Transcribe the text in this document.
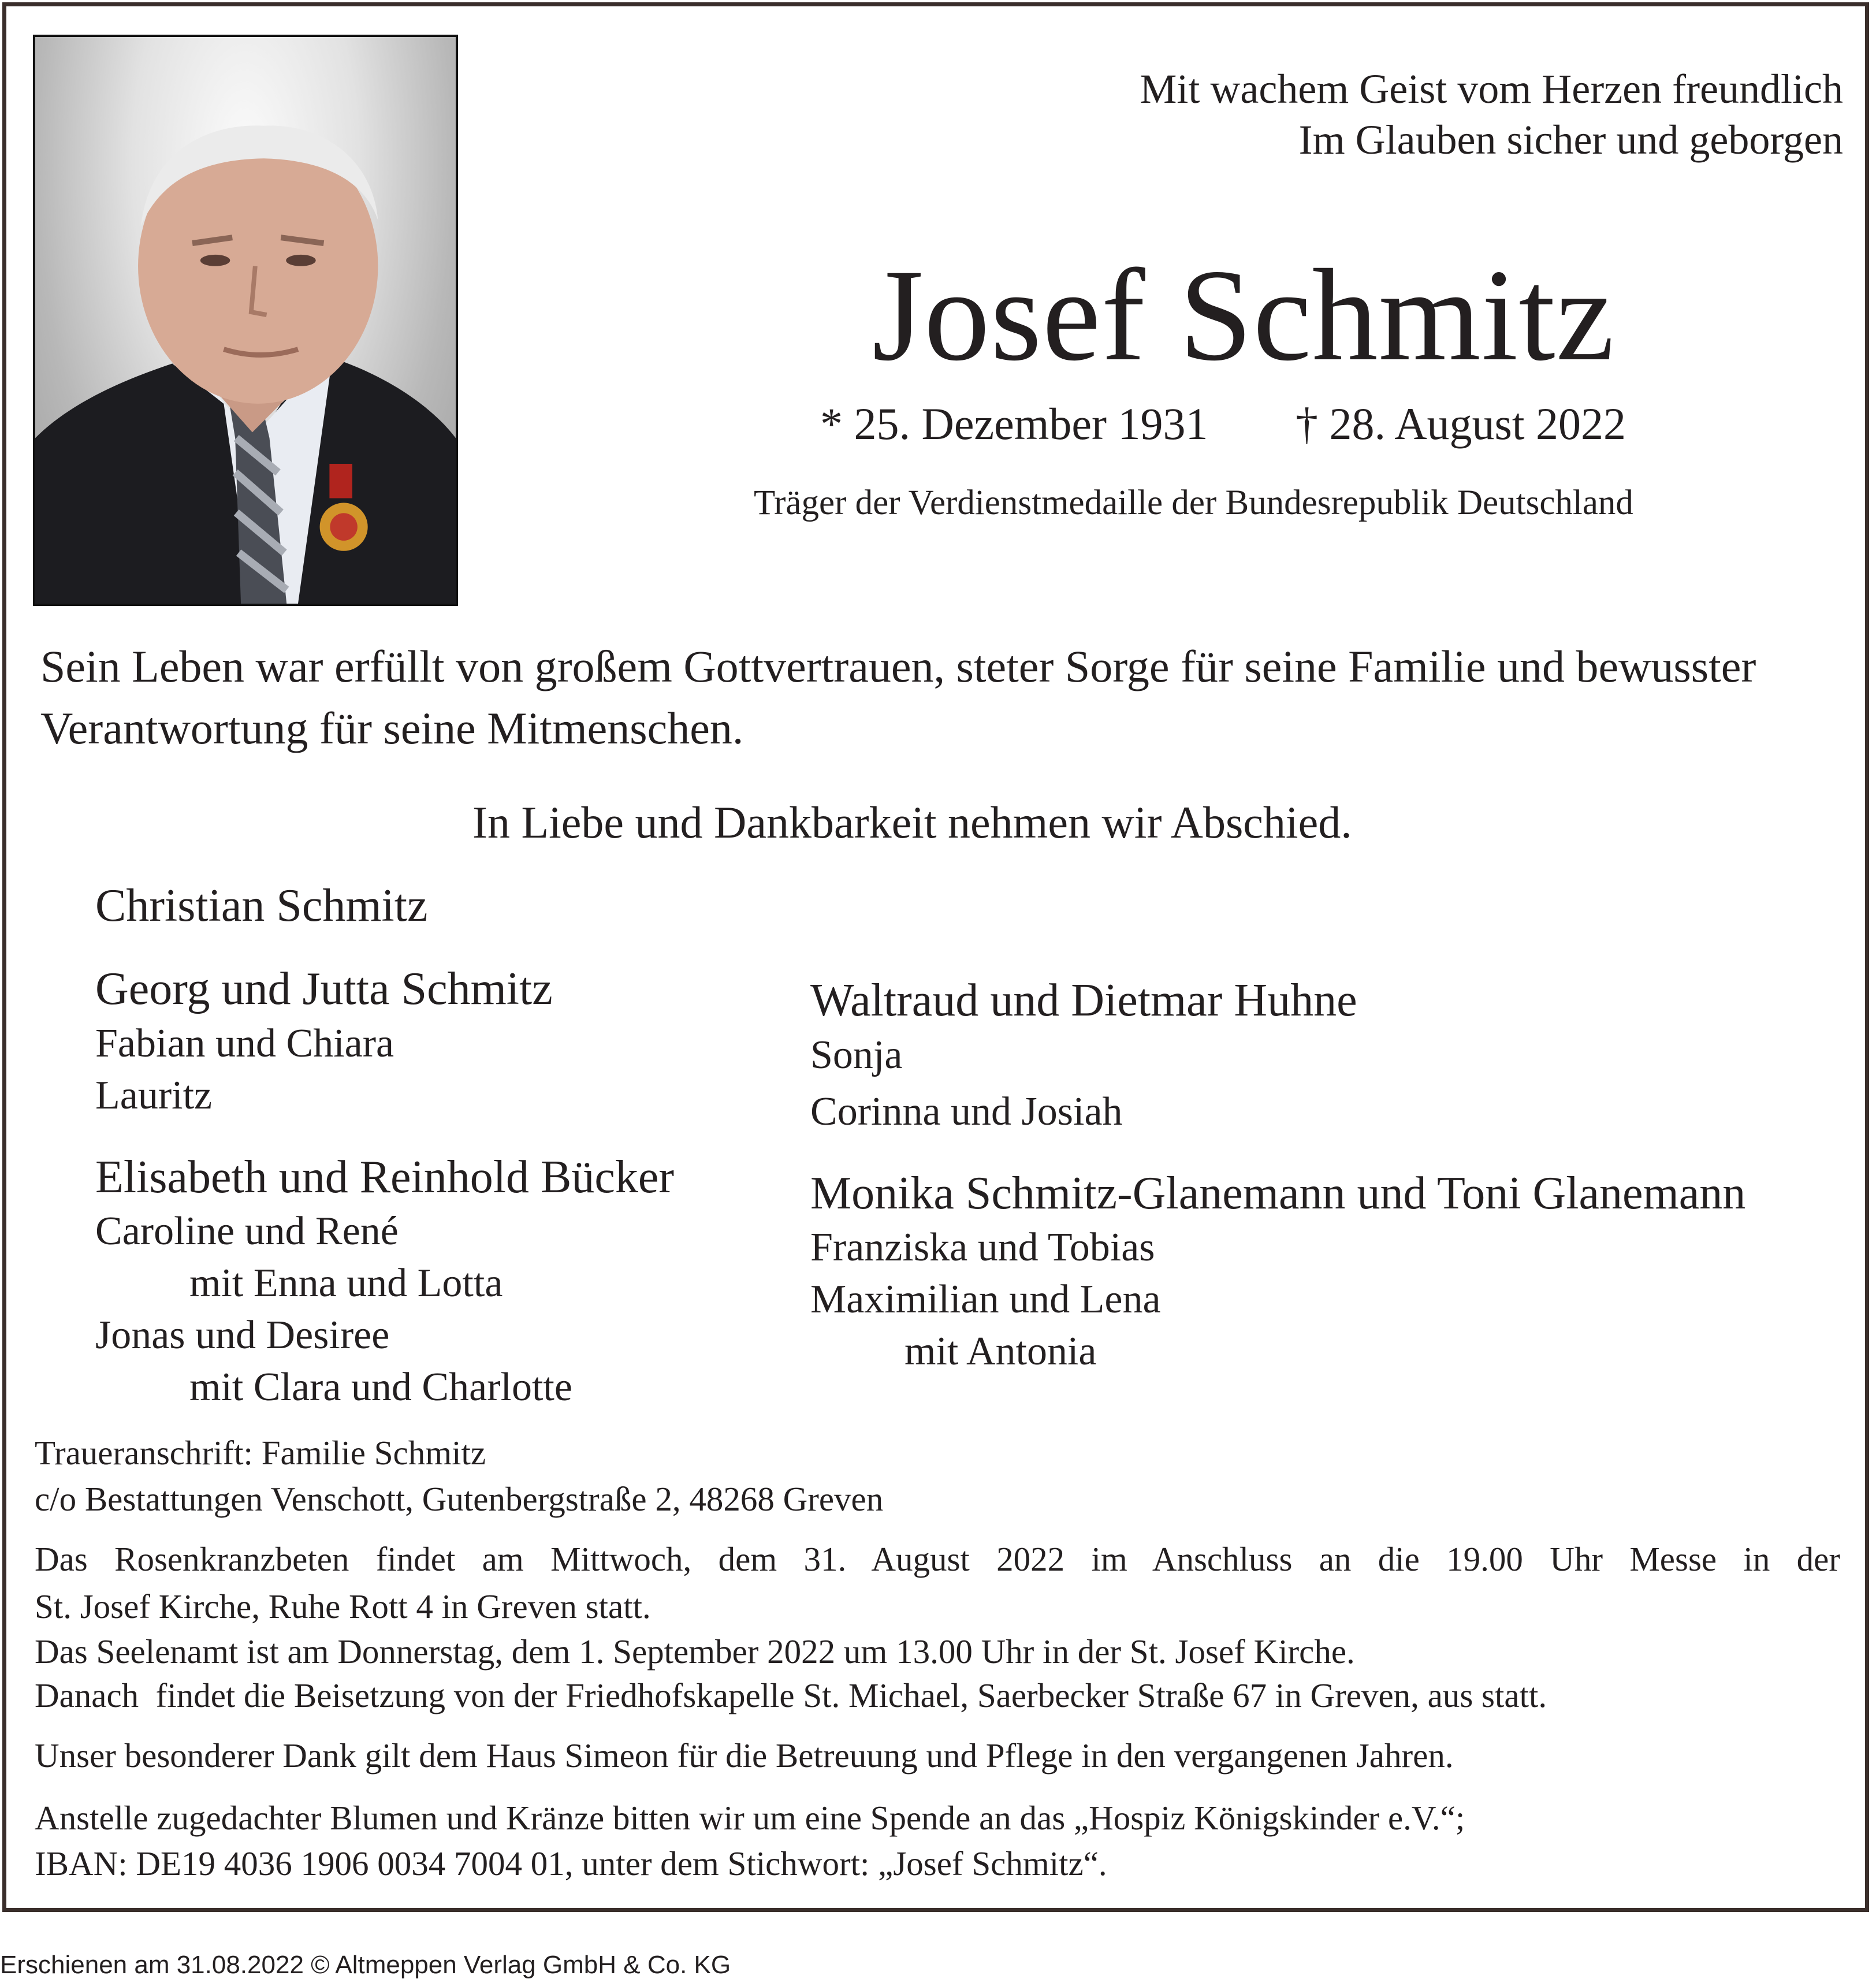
Mit wachem Geist vom Herzen freundlich
Im Glauben sicher und geborgen
Josef Schmitz
* 25. Dezember 1931 † 28. August 2022
Träger der Verdienstmedaille der Bundesrepublik Deutschland
Sein Leben war erfüllt von großem Gottvertrauen, steter Sorge für seine Familie und bewusster
Verantwortung für seine Mitmenschen.
In Liebe und Dankbarkeit nehmen wir Abschied.
Christian Schmitz
Georg und Jutta Schmitz
Fabian und Chiara
Lauritz
Elisabeth und Reinhold Bücker
Caroline und René
mit Enna und Lotta
Jonas und Desiree
mit Clara und Charlotte
Waltraud und Dietmar Huhne
Sonja
Corinna und Josiah
Monika Schmitz-Glanemann und Toni Glanemann
Franziska und Tobias
Maximilian und Lena
mit Antonia
Traueranschrift: Familie Schmitz
c/o Bestattungen Venschott, Gutenbergstraße 2, 48268 Greven
Das Rosenkranzbeten findet am Mittwoch, dem 31. August 2022 im Anschluss an die 19.00 Uhr Messe in der
St. Josef Kirche, Ruhe Rott 4 in Greven statt.
Das Seelenamt ist am Donnerstag, dem 1. September 2022 um 13.00 Uhr in der St. Josef Kirche.
Danach  findet die Beisetzung von der Friedhofskapelle St. Michael, Saerbecker Straße 67 in Greven, aus statt.
Unser besonderer Dank gilt dem Haus Simeon für die Betreuung und Pflege in den vergangenen Jahren.
Anstelle zugedachter Blumen und Kränze bitten wir um eine Spende an das „Hospiz Königskinder e.V.“;
IBAN: DE19 4036 1906 0034 7004 01, unter dem Stichwort: „Josef Schmitz“.
Erschienen am 31.08.2022 © Altmeppen Verlag GmbH & Co. KG
